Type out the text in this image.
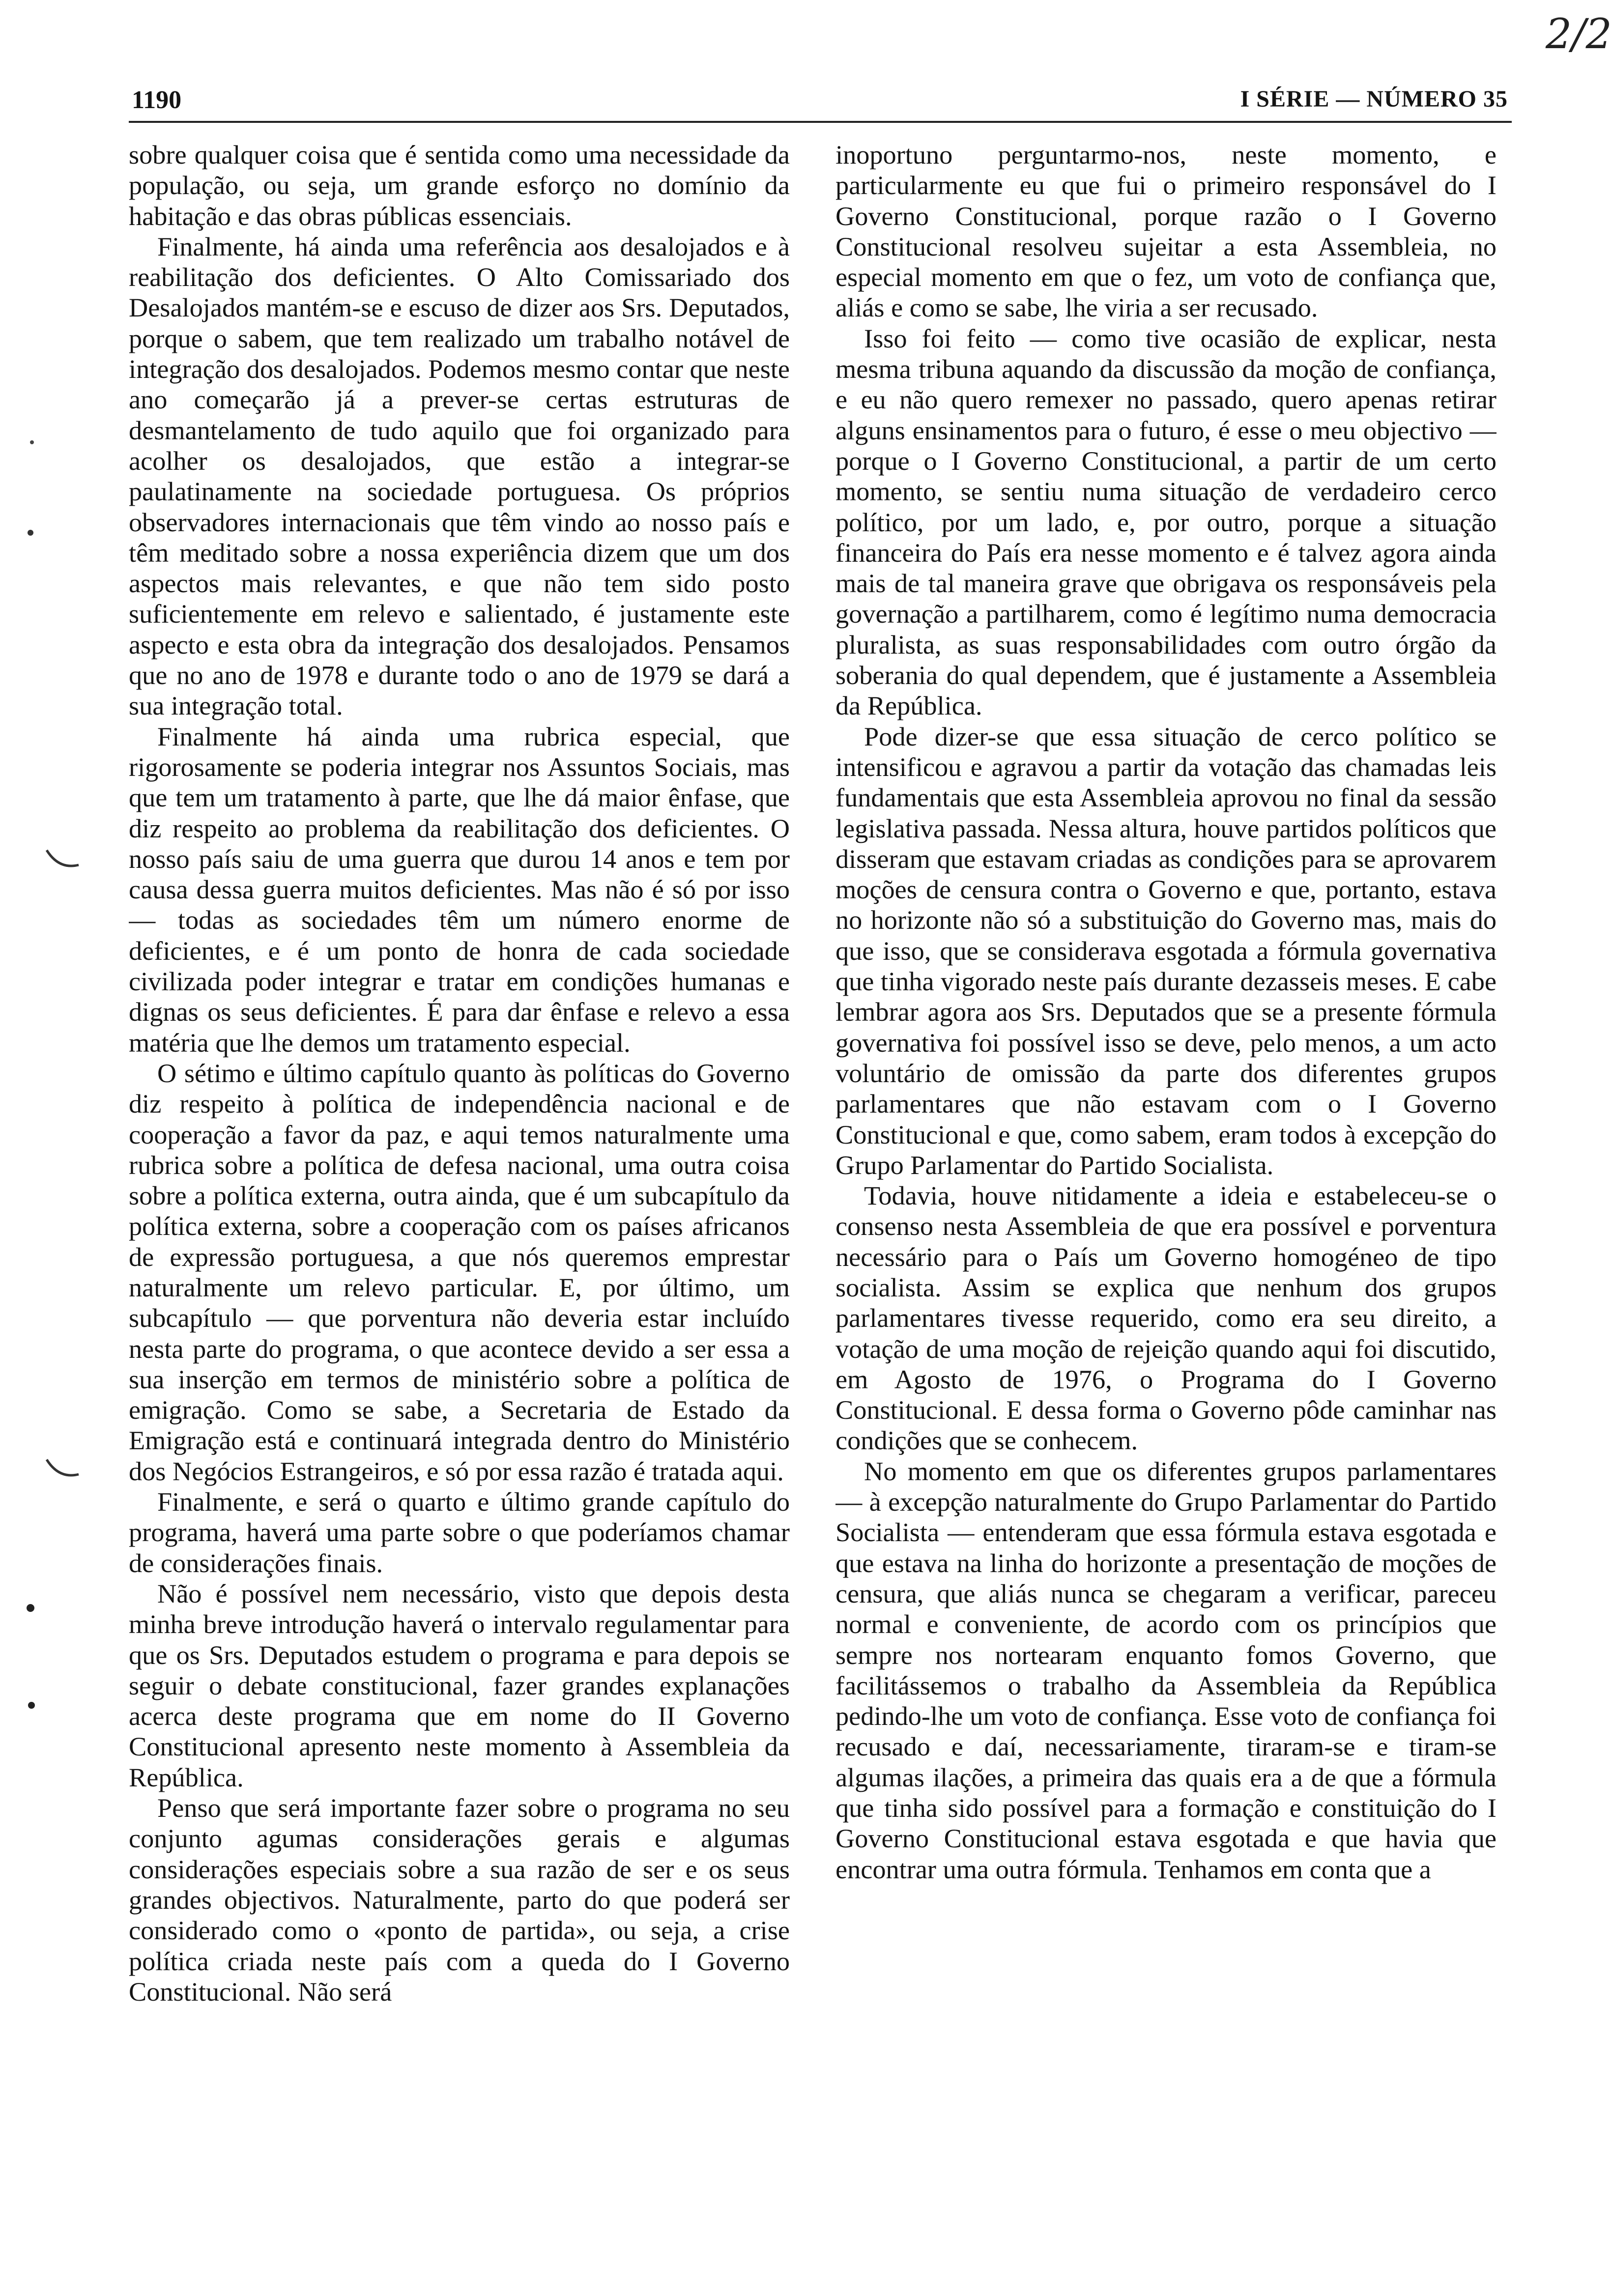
2/2
1190	I SÉRIE — NÚMERO 35

sobre qualquer coisa que é sentida como uma necessidade da população, ou seja, um grande esforço no domínio da habitação e das obras públicas essenciais.

Finalmente, há ainda uma referência aos desalojados e à reabilitação dos deficientes. O Alto Comissariado dos Desalojados mantém-se e escuso de dizer aos Srs. Deputados, porque o sabem, que tem realizado um trabalho notável de integração dos desalojados. Podemos mesmo contar que neste ano começarão já a prever-se certas estruturas de desmantelamento de tudo aquilo que foi organizado para acolher os desalojados, que estão a integrar-se paulatinamente na sociedade portuguesa. Os próprios observadores internacionais que têm vindo ao nosso país e têm meditado sobre a nossa experiência dizem que um dos aspectos mais relevantes, e que não tem sido posto suficientemente em relevo e salientado, é justamente este aspecto e esta obra da integração dos desalojados. Pensamos que no ano de 1978 e durante todo o ano de 1979 se dará a sua integração total.

Finalmente há ainda uma rubrica especial, que rigorosamente se poderia integrar nos Assuntos Sociais, mas que tem um tratamento à parte, que lhe dá maior ênfase, que diz respeito ao problema da reabilitação dos deficientes. O nosso país saiu de uma guerra que durou 14 anos e tem por causa dessa guerra muitos deficientes. Mas não é só por isso — todas as sociedades têm um número enorme de deficientes, e é um ponto de honra de cada sociedade civilizada poder integrar e tratar em condições humanas e dignas os seus deficientes. É para dar ênfase e relevo a essa matéria que lhe demos um tratamento especial.

O sétimo e último capítulo quanto às políticas do Governo diz respeito à política de independência nacional e de cooperação a favor da paz, e aqui temos naturalmente uma rubrica sobre a política de defesa nacional, uma outra coisa sobre a política externa, outra ainda, que é um subcapítulo da política externa, sobre a cooperação com os países africanos de expressão portuguesa, a que nós queremos emprestar naturalmente um relevo particular. E, por último, um subcapítulo — que porventura não deveria estar incluído nesta parte do programa, o que acontece devido a ser essa a sua inserção em termos de ministério sobre a política de emigração. Como se sabe, a Secretaria de Estado da Emigração está e continuará integrada dentro do Ministério dos Negócios Estrangeiros, e só por essa razão é tratada aqui.

Finalmente, e será o quarto e último grande capítulo do programa, haverá uma parte sobre o que poderíamos chamar de considerações finais.

Não é possível nem necessário, visto que depois desta minha breve introdução haverá o intervalo regulamentar para que os Srs. Deputados estudem o programa e para depois se seguir o debate constitucional, fazer grandes explanações acerca deste programa que em nome do II Governo Constitucional apresento neste momento à Assembleia da República.

Penso que será importante fazer sobre o programa no seu conjunto agumas considerações gerais e algumas considerações especiais sobre a sua razão de ser e os seus grandes objectivos. Naturalmente, parto do que poderá ser considerado como o «ponto de partida», ou seja, a crise política criada neste país com a queda do I Governo Constitucional. Não será

inoportuno perguntarmo-nos, neste momento, e particularmente eu que fui o primeiro responsável do I Governo Constitucional, porque razão o I Governo Constitucional resolveu sujeitar a esta Assembleia, no especial momento em que o fez, um voto de confiança que, aliás e como se sabe, lhe viria a ser recusado.

Isso foi feito — como tive ocasião de explicar, nesta mesma tribuna aquando da discussão da moção de confiança, e eu não quero remexer no passado, quero apenas retirar alguns ensinamentos para o futuro, é esse o meu objectivo — porque o I Governo Constitucional, a partir de um certo momento, se sentiu numa situação de verdadeiro cerco político, por um lado, e, por outro, porque a situação financeira do País era nesse momento e é talvez agora ainda mais de tal maneira grave que obrigava os responsáveis pela governação a partilharem, como é legítimo numa democracia pluralista, as suas responsabilidades com outro órgão da soberania do qual dependem, que é justamente a Assembleia da República.

Pode dizer-se que essa situação de cerco político se intensificou e agravou a partir da votação das chamadas leis fundamentais que esta Assembleia aprovou no final da sessão legislativa passada. Nessa altura, houve partidos políticos que disseram que estavam criadas as condições para se aprovarem moções de censura contra o Governo e que, portanto, estava no horizonte não só a substituição do Governo mas, mais do que isso, que se considerava esgotada a fórmula governativa que tinha vigorado neste país durante dezasseis meses. E cabe lembrar agora aos Srs. Deputados que se a presente fórmula governativa foi possível isso se deve, pelo menos, a um acto voluntário de omissão da parte dos diferentes grupos parlamentares que não estavam com o I Governo Constitucional e que, como sabem, eram todos à excepção do Grupo Parlamentar do Partido Socialista.

Todavia, houve nitidamente a ideia e estabeleceu-se o consenso nesta Assembleia de que era possível e porventura necessário para o País um Governo homogéneo de tipo socialista. Assim se explica que nenhum dos grupos parlamentares tivesse requerido, como era seu direito, a votação de uma moção de rejeição quando aqui foi discutido, em Agosto de 1976, o Programa do I Governo Constitucional. E dessa forma o Governo pôde caminhar nas condições que se conhecem.

No momento em que os diferentes grupos parlamentares — à excepção naturalmente do Grupo Parlamentar do Partido Socialista — entenderam que essa fórmula estava esgotada e que estava na linha do horizonte a presentação de moções de censura, que aliás nunca se chegaram a verificar, pareceu normal e conveniente, de acordo com os princípios que sempre nos nortearam enquanto fomos Governo, que facilitássemos o trabalho da Assembleia da República pedindo-lhe um voto de confiança. Esse voto de confiança foi recusado e daí, necessariamente, tiraram-se e tiram-se algumas ilações, a primeira das quais era a de que a fórmula que tinha sido possível para a formação e constituição do I Governo Constitucional estava esgotada e que havia que encontrar uma outra fórmula. Tenhamos em conta que a
